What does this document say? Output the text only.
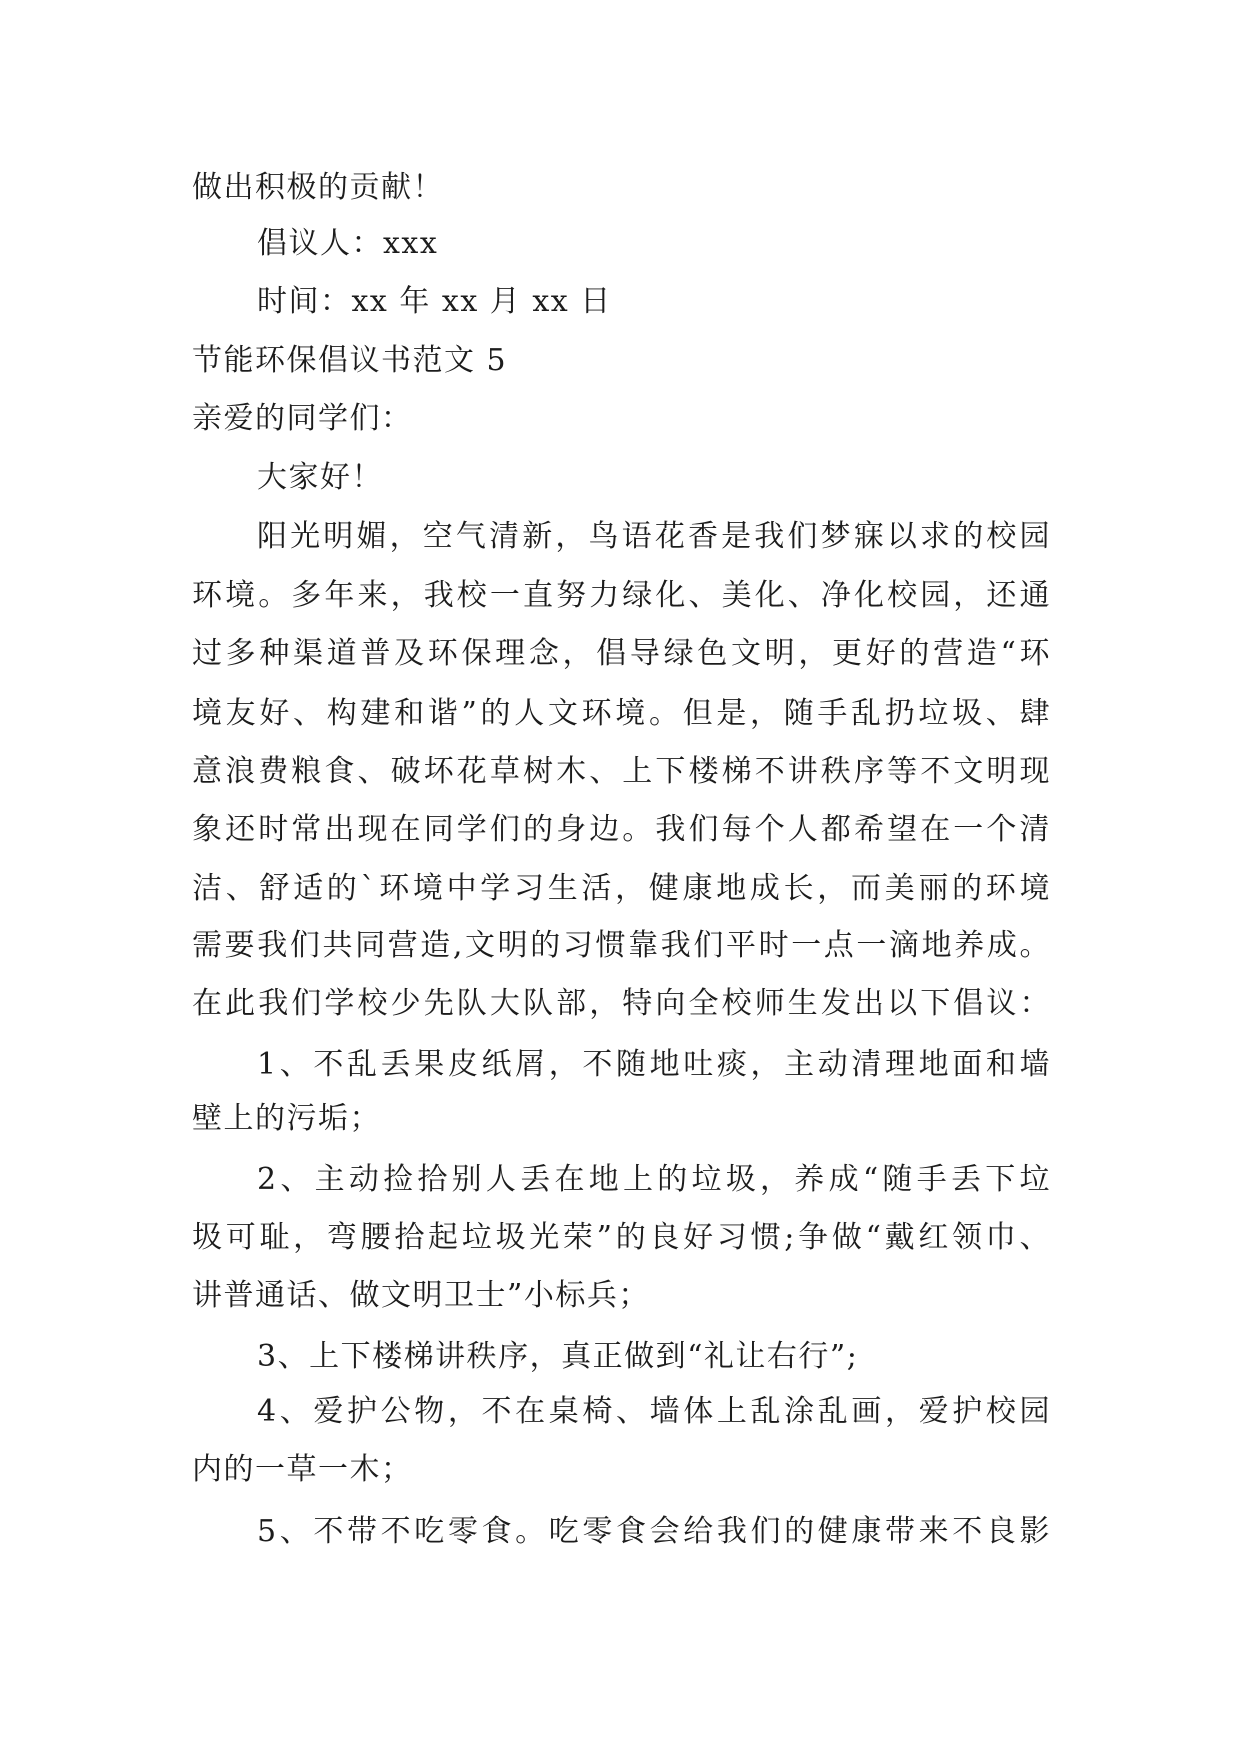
做出积极的贡献！
倡议人：xxx
时间：xx 年 xx 月 xx 日
节能环保倡议书范文 5
亲爱的同学们：
大家好！
阳光明媚，空气清新，鸟语花香是我们梦寐以求的校园
环境。多年来，我校一直努力绿化、美化、净化校园，还通
过多种渠道普及环保理念，倡导绿色文明，更好的营造“环
境友好、构建和谐”的人文环境。但是，随手乱扔垃圾、肆
意浪费粮食、破坏花草树木、上下楼梯不讲秩序等不文明现
象还时常出现在同学们的身边。我们每个人都希望在一个清
洁、舒适的`环境中学习生活，健康地成长，而美丽的环境
需要我们共同营造,文明的习惯靠我们平时一点一滴地养成。
在此我们学校少先队大队部，特向全校师生发出以下倡议：
1、不乱丢果皮纸屑，不随地吐痰，主动清理地面和墙
壁上的污垢；
2、主动捡拾别人丢在地上的垃圾，养成“随手丢下垃
圾可耻，弯腰拾起垃圾光荣”的良好习惯;争做“戴红领巾、
讲普通话、做文明卫士”小标兵；
3、上下楼梯讲秩序，真正做到“礼让右行”;
4、爱护公物，不在桌椅、墙体上乱涂乱画，爱护校园
内的一草一木；
5、不带不吃零食。吃零食会给我们的健康带来不良影
